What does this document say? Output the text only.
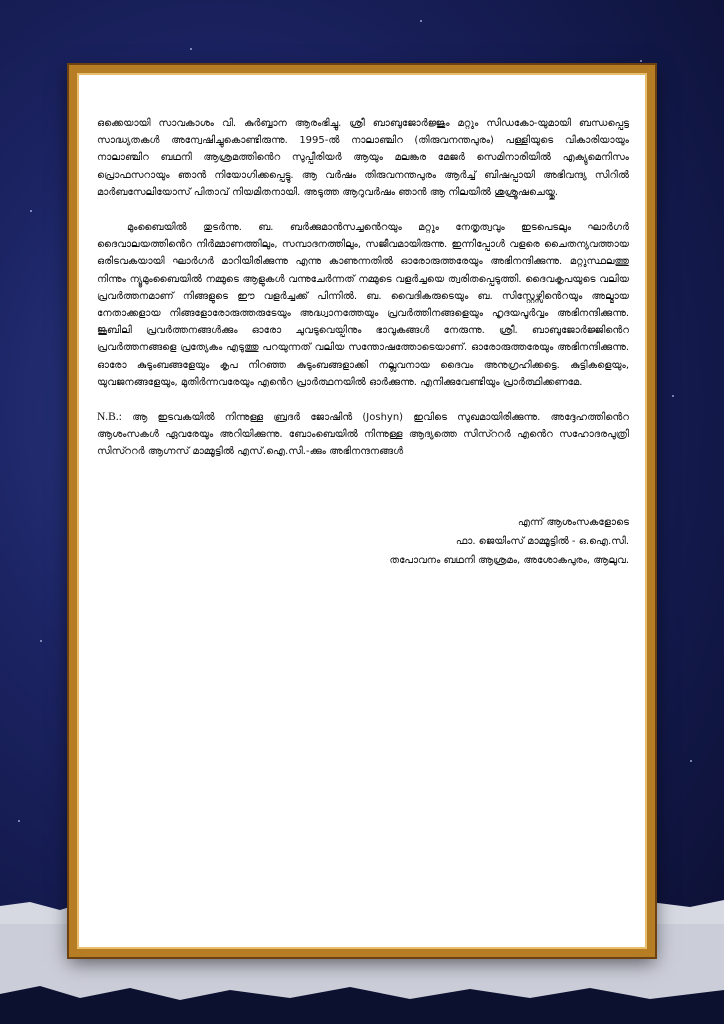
ഒക്കെയായി സാവകാശം വി. കുർബ്ബാന ആരംഭിച്ചു. ശ്രീ ബാബുജോർജ്ജും മറ്റും സിഡകോ-യുമായി ബന്ധപ്പെട്ട സാദ്ധ്യതകൾ അന്വേഷിച്ചുകൊണ്ടിരുന്നു. 1995-ൽ നാലാഞ്ചിറ (തിരുവനന്തപുരം) പള്ളിയുടെ വികാരിയായും നാലാഞ്ചിറ ബഥനി ആശ്രമത്തിൻെറ സുപ്പീരിയർ ആയും മലങ്കര മേജർ സെമിനാരിയിൽ എക്യുമെനിസം പ്രൊഫസറായും ഞാൻ നിയോഗിക്കപ്പെട്ടു. ആ വർഷം തിരുവനന്തപുരം ആർച്ച് ബിഷപ്പായി അഭിവന്ദ്യ സിറിൽ മാർബസേലിയോസ് പിതാവ് നിയമിതനായി. അടുത്ത ആറുവർഷം ഞാൻ ആ നിലയിൽ ശുശ്രൂഷചെയ്തു.

മുംബൈയിൽ തുടർന്നു. ബ. ബർക്കുമാൻസച്ചൻെറയും മറ്റും നേതൃത്വവും ഇടപെടലും ഘാർഗർ ദൈവാലയത്തിൻെറ നിർമ്മാണത്തിലും, സമ്പാദനത്തിലും, സജീവമായിരുന്നു. ഇന്നിപ്പോൾ വളരെ ചൈതന്യവത്തായ ഒരിടവകയായി ഘാർഗർ മാറിയിരിക്കുന്നു എന്നു കാണുന്നതിൽ ഓരോരുത്തരേയും അഭിനന്ദിക്കുന്നു. മറ്റുസ്ഥലത്തു നിന്നും ന്യൂമുംബൈയിൽ നമ്മുടെ ആളുകൾ വന്നുചേർന്നത് നമ്മുടെ വളർച്ചയെ ത്വരിതപ്പെടുത്തി. ദൈവകൃപയുടെ വലിയ പ്രവർത്തനമാണ് നിങ്ങളുടെ ഈ വളർച്ചക്ക് പിന്നിൽ. ബ. വൈദികരുടെയും ബ. സിസ്റ്റേഴ്സിൻെറയും അല്മായ നേതാക്കളായ നിങ്ങളോരോരുത്തരുടേയും അദ്ധ്വാനത്തേയും പ്രവർത്തിനങ്ങളെയും ഹൃദയപൂർവ്വം അഭിനന്ദിക്കുന്നു. ജൂബിലി പ്രവർത്തനങ്ങൾക്കും ഓരോ ചുവടുവെയ്പിനും ഭാവുകങ്ങൾ നേരുന്നു. ശ്രീ. ബാബുജോർജ്ജിൻെറ പ്രവർത്തനങ്ങളെ പ്രത്യേകം എടുത്തു പറയുന്നത് വലിയ സന്തോഷത്തോടെയാണ്. ഓരോരുത്തരേയും അഭിനന്ദിക്കുന്നു. ഓരോ കുടുംബങ്ങളേയും കൃപ നിറഞ്ഞ കുടുംബങ്ങളാക്കി നല്ലവനായ ദൈവം അനുഗ്രഹിക്കട്ടെ. കുട്ടികളെയും, യുവജനങ്ങളേയും, മുതിർന്നവരേയും എൻെറ പ്രാർത്ഥനയിൽ ഓർക്കുന്നു. എനിക്കുവേണ്ടിയും പ്രാർത്ഥിക്കണമേ.

N.B.: ആ ഇടവകയിൽ നിന്നുള്ള ബ്രദർ ജോഷിൻ (Joshyn) ഇവിടെ സുഖമായിരിക്കുന്നു. അദ്ദേഹത്തിൻെറ ആശംസകൾ ഏവരേയും അറിയിക്കുന്നു. ബോംബെയിൽ നിന്നുള്ള ആദ്യത്തെ സിസ്ററർ എൻെറ സഹോദരപുത്രി സിസ്ററർ ആഗ്നസ് മാമ്മൂട്ടിൽ എസ്.ഐ.സി.-ക്കും അഭിനന്ദനങ്ങൾ

എന്ന് ആശംസകളോടെ
ഫാ. ജെയിംസ് മാമ്മൂട്ടിൽ - ഒ.ഐ.സി.
തപോവനം ബഥനി ആശ്രമം, അശോകപുരം, ആലുവ.
